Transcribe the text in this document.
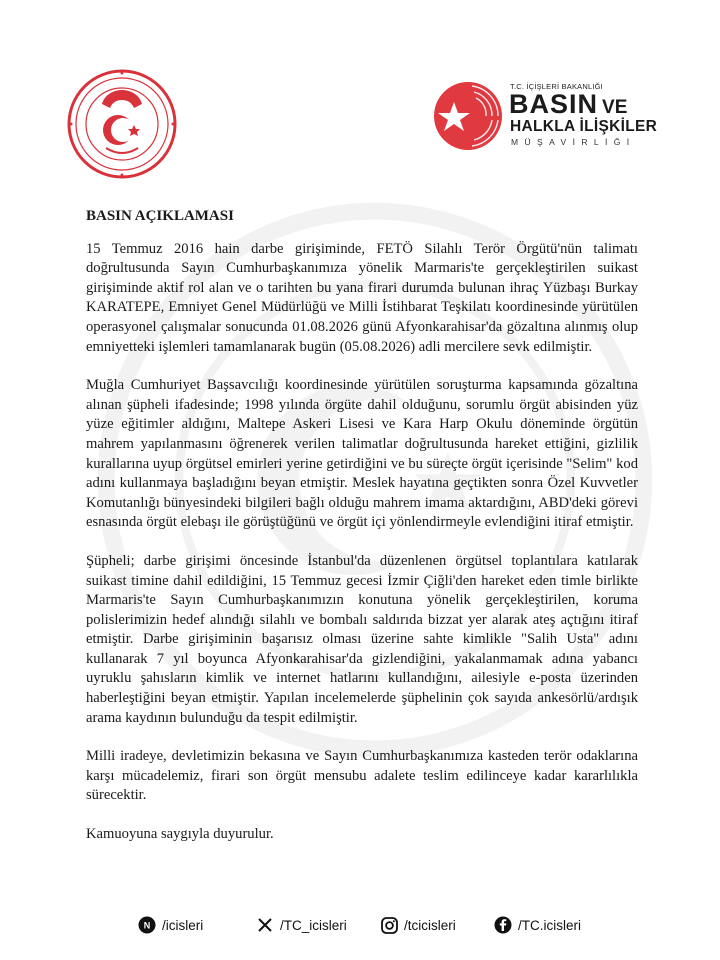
T.C. İÇİŞLERİ BAKANLIĞI
BASIN VE
HALKLA İLİŞKİLER
MÜŞAVİRLİĞİ
BASIN AÇIKLAMASI

15 Temmuz 2016 hain darbe girişiminde, FETÖ Silahlı Terör Örgütü'nün talimatı doğrultusunda Sayın Cumhurbaşkanımıza yönelik Marmaris'te gerçekleştirilen suikast girişiminde aktif rol alan ve o tarihten bu yana firari durumda bulunan ihraç Yüzbaşı Burkay KARATEPE, Emniyet Genel Müdürlüğü ve Milli İstihbarat Teşkilatı koordinesinde yürütülen operasyonel çalışmalar sonucunda 01.08.2026 günü Afyonkarahisar'da gözaltına alınmış olup emniyetteki işlemleri tamamlanarak bugün (05.08.2026) adli mercilere sevk edilmiştir.

Muğla Cumhuriyet Başsavcılığı koordinesinde yürütülen soruşturma kapsamında gözaltına alınan şüpheli ifadesinde; 1998 yılında örgüte dahil olduğunu, sorumlu örgüt abisinden yüz yüze eğitimler aldığını, Maltepe Askeri Lisesi ve Kara Harp Okulu döneminde örgütün mahrem yapılanmasını öğrenerek verilen talimatlar doğrultusunda hareket ettiğini, gizlilik kurallarına uyup örgütsel emirleri yerine getirdiğini ve bu süreçte örgüt içerisinde "Selim" kod adını kullanmaya başladığını beyan etmiştir. Meslek hayatına geçtikten sonra Özel Kuvvetler Komutanlığı bünyesindeki bilgileri bağlı olduğu mahrem imama aktardığını, ABD'deki görevi esnasında örgüt elebaşı ile görüştüğünü ve örgüt içi yönlendirmeyle evlendiğini itiraf etmiştir.

Şüpheli; darbe girişimi öncesinde İstanbul'da düzenlenen örgütsel toplantılara katılarak suikast timine dahil edildiğini, 15 Temmuz gecesi İzmir Çiğli'den hareket eden timle birlikte Marmaris'te Sayın Cumhurbaşkanımızın konutuna yönelik gerçekleştirilen, koruma polislerimizin hedef alındığı silahlı ve bombalı saldırıda bizzat yer alarak ateş açtığını itiraf etmiştir. Darbe girişiminin başarısız olması üzerine sahte kimlikle "Salih Usta" adını kullanarak 7 yıl boyunca Afyonkarahisar'da gizlendiğini, yakalanmamak adına yabancı uyruklu şahısların kimlik ve internet hatlarını kullandığını, ailesiyle e-posta üzerinden haberleştiğini beyan etmiştir. Yapılan incelemelerde şüphelinin çok sayıda ankesörlü/ardışık arama kaydının bulunduğu da tespit edilmiştir.

Milli iradeye, devletimizin bekasına ve Sayın Cumhurbaşkanımıza kasteden terör odaklarına karşı mücadelemiz, firari son örgüt mensubu adalete teslim edilinceye kadar kararlılıkla sürecektir.

Kamuoyuna saygıyla duyurulur.

N /icisleri	/TC_icisleri	/tcicisleri	/TC.icisleri
